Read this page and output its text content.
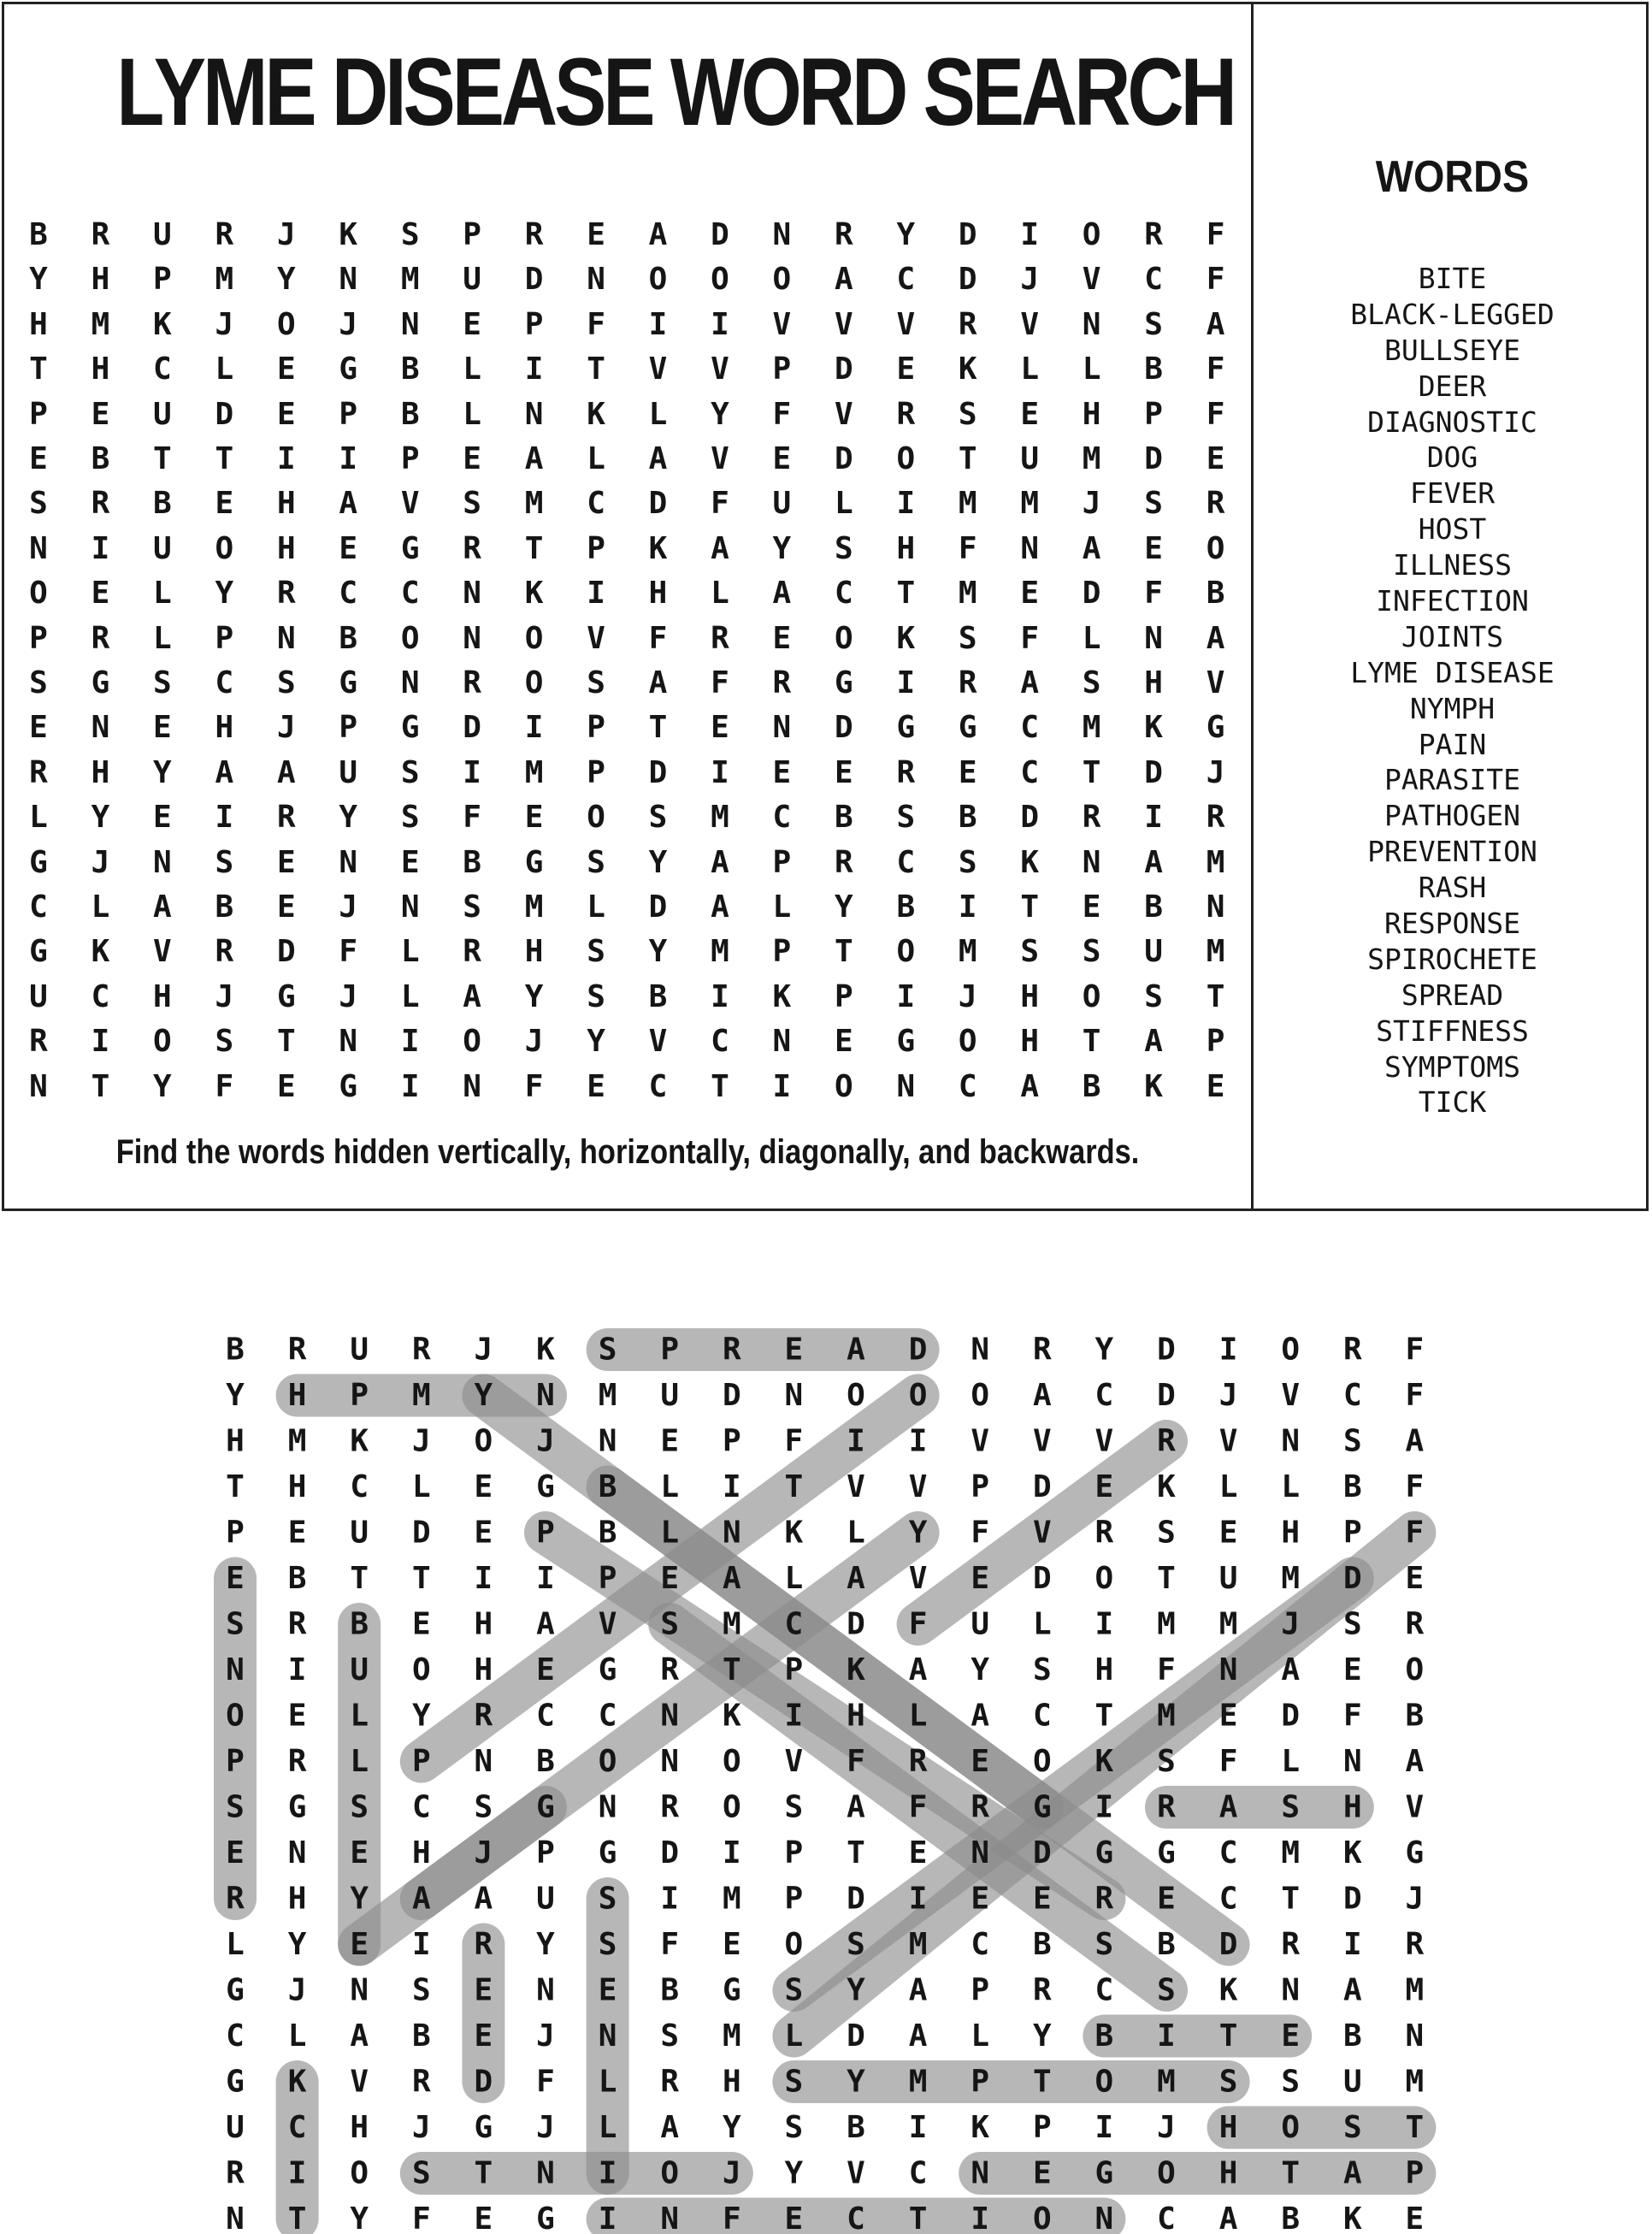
LYME DISEASE WORD SEARCH
B R U R J K S P R E A D N R Y D I O R F
Y H P M Y N M U D N O O O A C D J V C F
H M K J O J N E P F I I V V V R V N S A
T H C L E G B L I T V V P D E K L L B F
P E U D E P B L N K L Y F V R S E H P F
E B T T I I P E A L A V E D O T U M D E
S R B E H A V S M C D F U L I M M J S R
N I U O H E G R T P K A Y S H F N A E O
O E L Y R C C N K I H L A C T M E D F B
P R L P N B O N O V F R E O K S F L N A
S G S C S G N R O S A F R G I R A S H V
E N E H J P G D I P T E N D G G C M K G
R H Y A A U S I M P D I E E R E C T D J
L Y E I R Y S F E O S M C B S B D R I R
G J N S E N E B G S Y A P R C S K N A M
C L A B E J N S M L D A L Y B I T E B N
G K V R D F L R H S Y M P T O M S S U M
U C H J G J L A Y S B I K P I J H O S T
R I O S T N I O J Y V C N E G O H T A P
N T Y F E G I N F E C T I O N C A B K E
Find the words hidden vertically, horizontally, diagonally, and backwards.
WORDS
BITE
BLACK-LEGGED
BULLSEYE
DEER
DIAGNOSTIC
DOG
FEVER
HOST
ILLNESS
INFECTION
JOINTS
LYME DISEASE
NYMPH
PAIN
PARASITE
PATHOGEN
PREVENTION
RASH
RESPONSE
SPIROCHETE
SPREAD
STIFFNESS
SYMPTOMS
TICK
B R U R J K S P R E A D N R Y D I O R F
Y H P M Y N M U D N O O O A C D J V C F
H M K J O J N E P F I I V V V R V N S A
T H C L E G B L I T V V P D E K L L B F
P E U D E P B L N K L Y F V R S E H P F
E B T T I I P E A L A V E D O T U M D E
S R B E H A V S M C D F U L I M M J S R
N I U O H E G R T P K A Y S H F N A E O
O E L Y R C C N K I H L A C T M E D F B
P R L P N B O N O V F R E O K S F L N A
S G S C S G N R O S A F R G I R A S H V
E N E H J P G D I P T E N D G G C M K G
R H Y A A U S I M P D I E E R E C T D J
L Y E I R Y S F E O S M C B S B D R I R
G J N S E N E B G S Y A P R C S K N A M
C L A B E J N S M L D A L Y B I T E B N
G K V R D F L R H S Y M P T O M S S U M
U C H J G J L A Y S B I K P I J H O S T
R I O S T N I O J Y V C N E G O H T A P
N T Y F E G I N F E C T I O N C A B K E
